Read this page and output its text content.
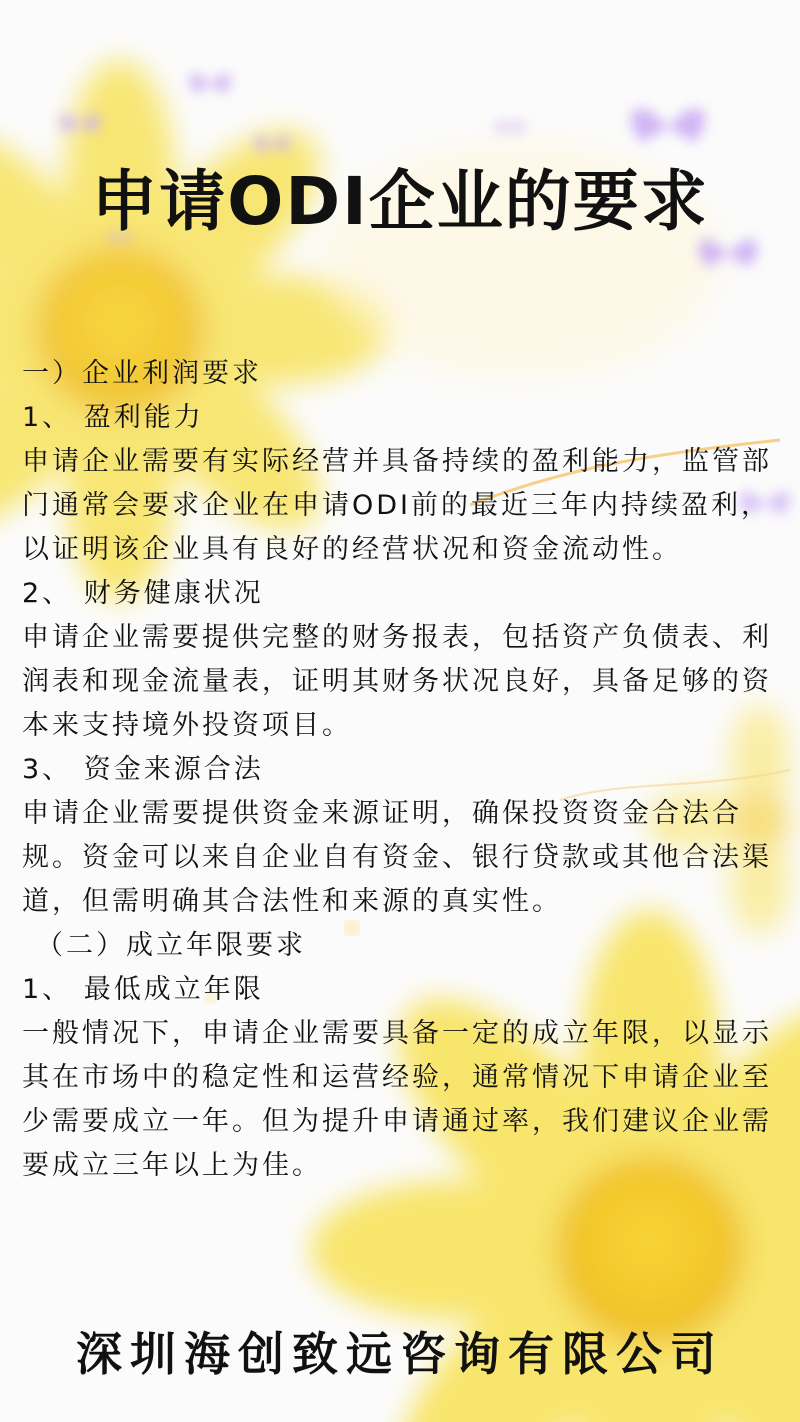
申请ODI企业的要求

一）企业利润要求

1、 盈利能力

申请企业需要有实际经营并具备持续的盈利能力，监管部门通常会要求企业在申请ODI前的最近三年内持续盈利，以证明该企业具有良好的经营状况和资金流动性。

2、 财务健康状况

申请企业需要提供完整的财务报表，包括资产负债表、利润表和现金流量表，证明其财务状况良好，具备足够的资本来支持境外投资项目。

3、 资金来源合法

申请企业需要提供资金来源证明，确保投资资金合法合规。资金可以来自企业自有资金、银行贷款或其他合法渠道，但需明确其合法性和来源的真实性。

（二）成立年限要求

1、 最低成立年限

一般情况下，申请企业需要具备一定的成立年限，以显示其在市场中的稳定性和运营经验，通常情况下申请企业至少需要成立一年。但为提升申请通过率，我们建议企业需要成立三年以上为佳。

深圳海创致远咨询有限公司
